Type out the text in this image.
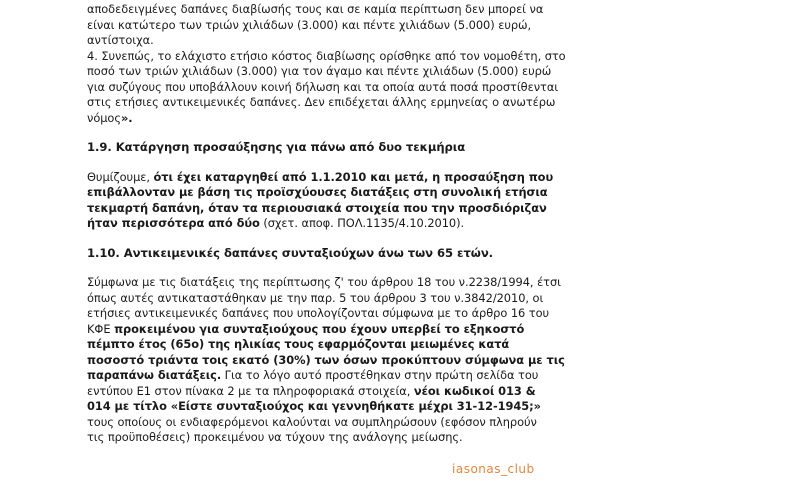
αποδεδειγμένες δαπάνες διαβίωσής τους και σε καμία περίπτωση δεν μπορεί να
είναι κατώτερο των τριών χιλιάδων (3.000) και πέντε χιλιάδων (5.000) ευρώ,
αντίστοιχα.
4. Συνεπώς, το ελάχιστο ετήσιο κόστος διαβίωσης ορίσθηκε από τον νομοθέτη, στο
ποσό των τριών χιλιάδων (3.000) για τον άγαμο και πέντε χιλιάδων (5.000) ευρώ
για συζύγους που υποβάλλουν κοινή δήλωση και τα οποία αυτά ποσά προστίθενται
στις ετήσιες αντικειμενικές δαπάνες. Δεν επιδέχεται άλλης ερμηνείας ο ανωτέρω
νόμος».
1.9. Κατάργηση προσαύξησης για πάνω από δυο τεκμήρια
Θυμίζουμε, ότι έχει καταργηθεί από 1.1.2010 και μετά, η προσαύξηση που
επιβάλλονταν με βάση τις προϊσχύουσες διατάξεις στη συνολική ετήσια
τεκμαρτή δαπάνη, όταν τα περιουσιακά στοιχεία που την προσδιόριζαν
ήταν περισσότερα από δύο (σχετ. αποφ. ΠΟΛ.1135/4.10.2010).
1.10. Αντικειμενικές δαπάνες συνταξιούχων άνω των 65 ετών.
Σύμφωνα με τις διατάξεις της περίπτωσης ζ' του άρθρου 18 του ν.2238/1994, έτσι
όπως αυτές αντικαταστάθηκαν με την παρ. 5 του άρθρου 3 του ν.3842/2010, οι
ετήσιες αντικειμενικές δαπάνες που υπολογίζονται σύμφωνα με το άρθρο 16 του
ΚΦΕ προκειμένου για συνταξιούχους που έχουν υπερβεί το εξηκοστό
πέμπτο έτος (65ο) της ηλικίας τους εφαρμόζονται μειωμένες κατά
ποσοστό τριάντα τοις εκατό (30%) των όσων προκύπτουν σύμφωνα με τις
παραπάνω διατάξεις. Για το λόγο αυτό προστέθηκαν στην πρώτη σελίδα του
εντύπου Ε1 στον πίνακα 2 με τα πληροφοριακά στοιχεία, νέοι κωδικοί 013 &
014 με τίτλο «Είστε συνταξιούχος και γεννηθήκατε μέχρι 31-12-1945;»
τους οποίους οι ενδιαφερόμενοι καλούνται να συμπληρώσουν (εφόσον πληρούν
τις προϋποθέσεις) προκειμένου να τύχουν της ανάλογης μείωσης.
iasonas_club
